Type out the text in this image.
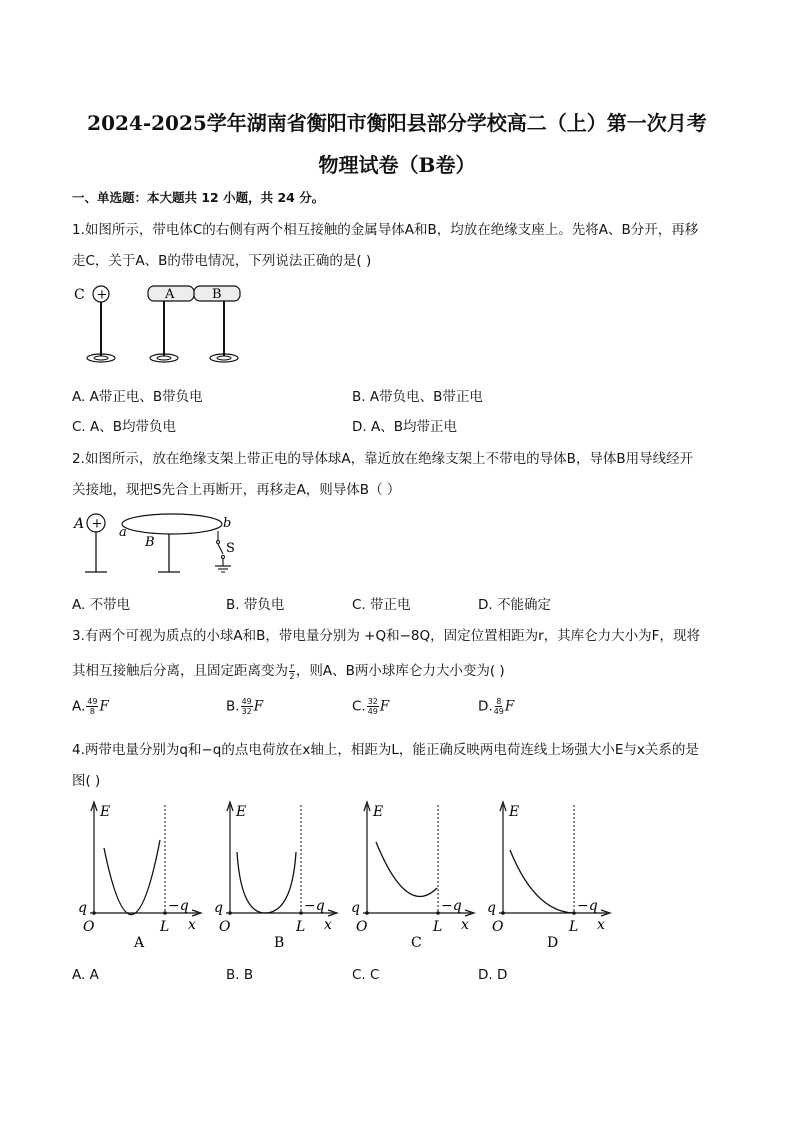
2024-2025学年湖南省衡阳市衡阳县部分学校高二（上）第一次月考
物理试卷（B卷）
一、单选题：本大题共 12 小题，共 24 分。
1.如图所示，带电体C的右侧有两个相互接触的金属导体A和B，均放在绝缘支座上。先将A、B分开，再移
走C，关于A、B的带电情况，下列说法正确的是( )
C +	A	B
A. A带正电、B带负电	B. A带负电、B带正电
C. A、B均带负电	D. A、B均带正电
2.如图所示，放在绝缘支架上带正电的导体球A，靠近放在绝缘支架上不带电的导体B，导体B用导线经开
关接地，现把S先合上再断开，再移走A，则导体B（ ）
A +
a
b
B	S
A. 不带电	B. 带负电	C. 带正电	D. 不能确定
3.有两个可视为质点的小球A和B，带电量分别为 +Q和−8Q，固定位置相距为r，其库仑力大小为F，现将
其相互接触后分离，且固定距离变为 $\frac{r}{2}$ ，则A、B两小球库仑力大小变为( )
A. $\frac{49}{8}$ F	B. $\frac{49}{32}$ F	C. $\frac{32}{49}$ F	D. $\frac{8}{49}$ F
4.两带电量分别为q和−q的点电荷放在x轴上，相距为L，能正确反映两电荷连线上场强大小E与x关系的是
图( )
E
q	−q
O	L x
A
E
q	−q
O	L x
B
E
q	−q
O	L x
C
E
q	−q
O	L x
D
A. A	B. B	C. C	D. D
